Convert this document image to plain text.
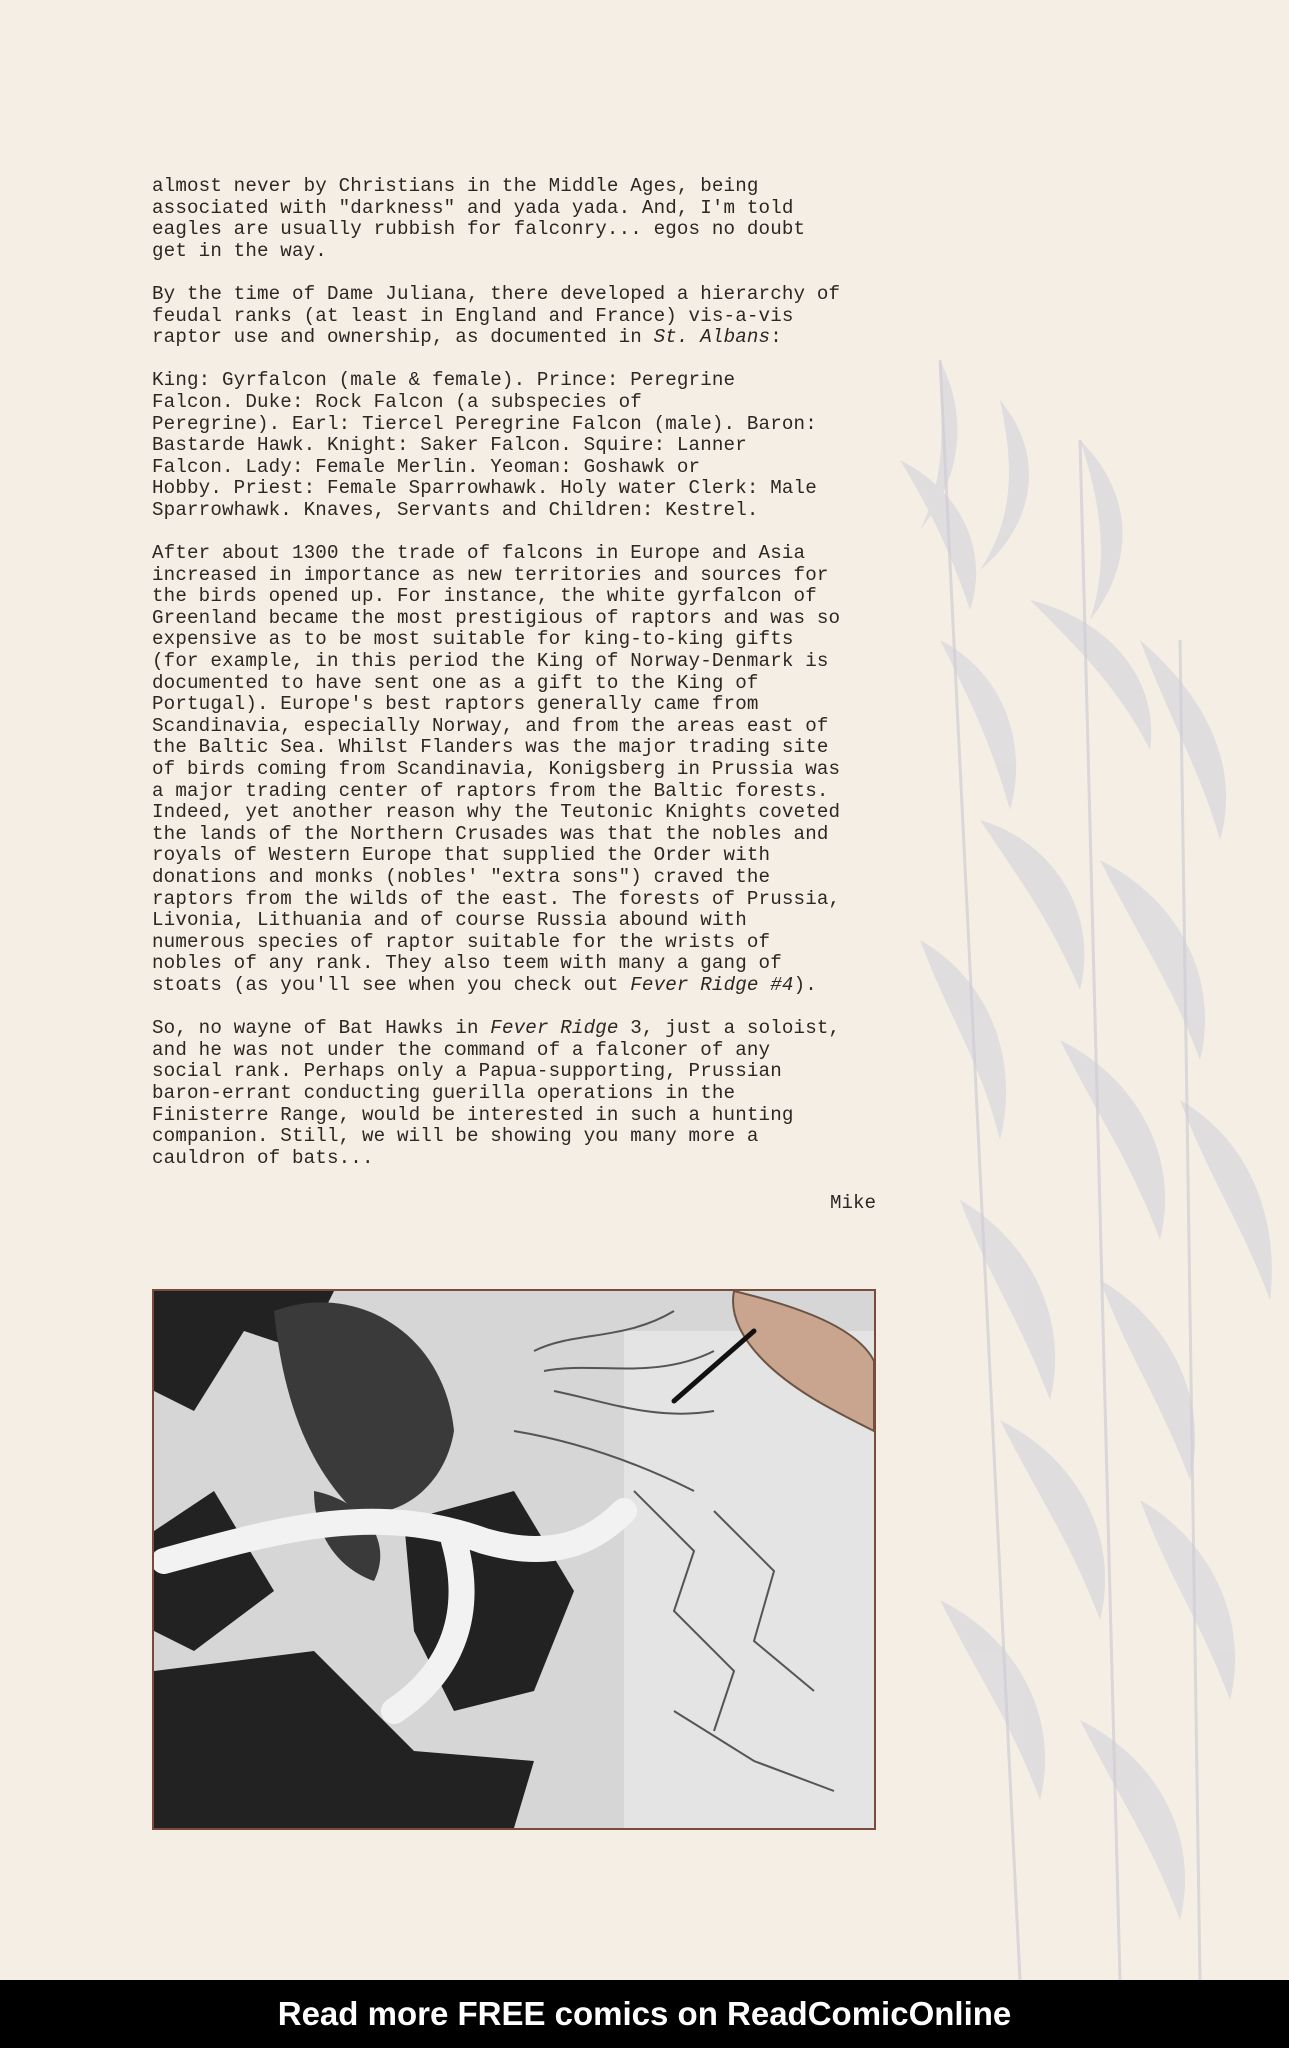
almost never by Christians in the Middle Ages, being
associated with "darkness" and yada yada. And, I'm told
eagles are usually rubbish for falconry... egos no doubt
get in the way.
By the time of Dame Juliana, there developed a hierarchy of
feudal ranks (at least in England and France) vis-a-vis
raptor use and ownership, as documented in St. Albans:
King: Gyrfalcon (male & female). Prince: Peregrine
Falcon. Duke: Rock Falcon (a subspecies of
Peregrine). Earl: Tiercel Peregrine Falcon (male). Baron:
Bastarde Hawk. Knight: Saker Falcon. Squire: Lanner
Falcon. Lady: Female Merlin. Yeoman: Goshawk or
Hobby. Priest: Female Sparrowhawk. Holy water Clerk: Male
Sparrowhawk. Knaves, Servants and Children: Kestrel.
After about 1300 the trade of falcons in Europe and Asia
increased in importance as new territories and sources for
the birds opened up. For instance, the white gyrfalcon of
Greenland became the most prestigious of raptors and was so
expensive as to be most suitable for king-to-king gifts
(for example, in this period the King of Norway-Denmark is
documented to have sent one as a gift to the King of
Portugal). Europe's best raptors generally came from
Scandinavia, especially Norway, and from the areas east of
the Baltic Sea. Whilst Flanders was the major trading site
of birds coming from Scandinavia, Konigsberg in Prussia was
a major trading center of raptors from the Baltic forests.
Indeed, yet another reason why the Teutonic Knights coveted
the lands of the Northern Crusades was that the nobles and
royals of Western Europe that supplied the Order with
donations and monks (nobles' "extra sons") craved the
raptors from the wilds of the east. The forests of Prussia,
Livonia, Lithuania and of course Russia abound with
numerous species of raptor suitable for the wrists of
nobles of any rank. They also teem with many a gang of
stoats (as you'll see when you check out Fever Ridge #4).
So, no wayne of Bat Hawks in Fever Ridge 3, just a soloist,
and he was not under the command of a falconer of any
social rank. Perhaps only a Papua-supporting, Prussian
baron-errant conducting guerilla operations in the
Finisterre Range, would be interested in such a hunting
companion. Still, we will be showing you many more a
cauldron of bats...
Mike
Read more FREE comics on ReadComicOnline
